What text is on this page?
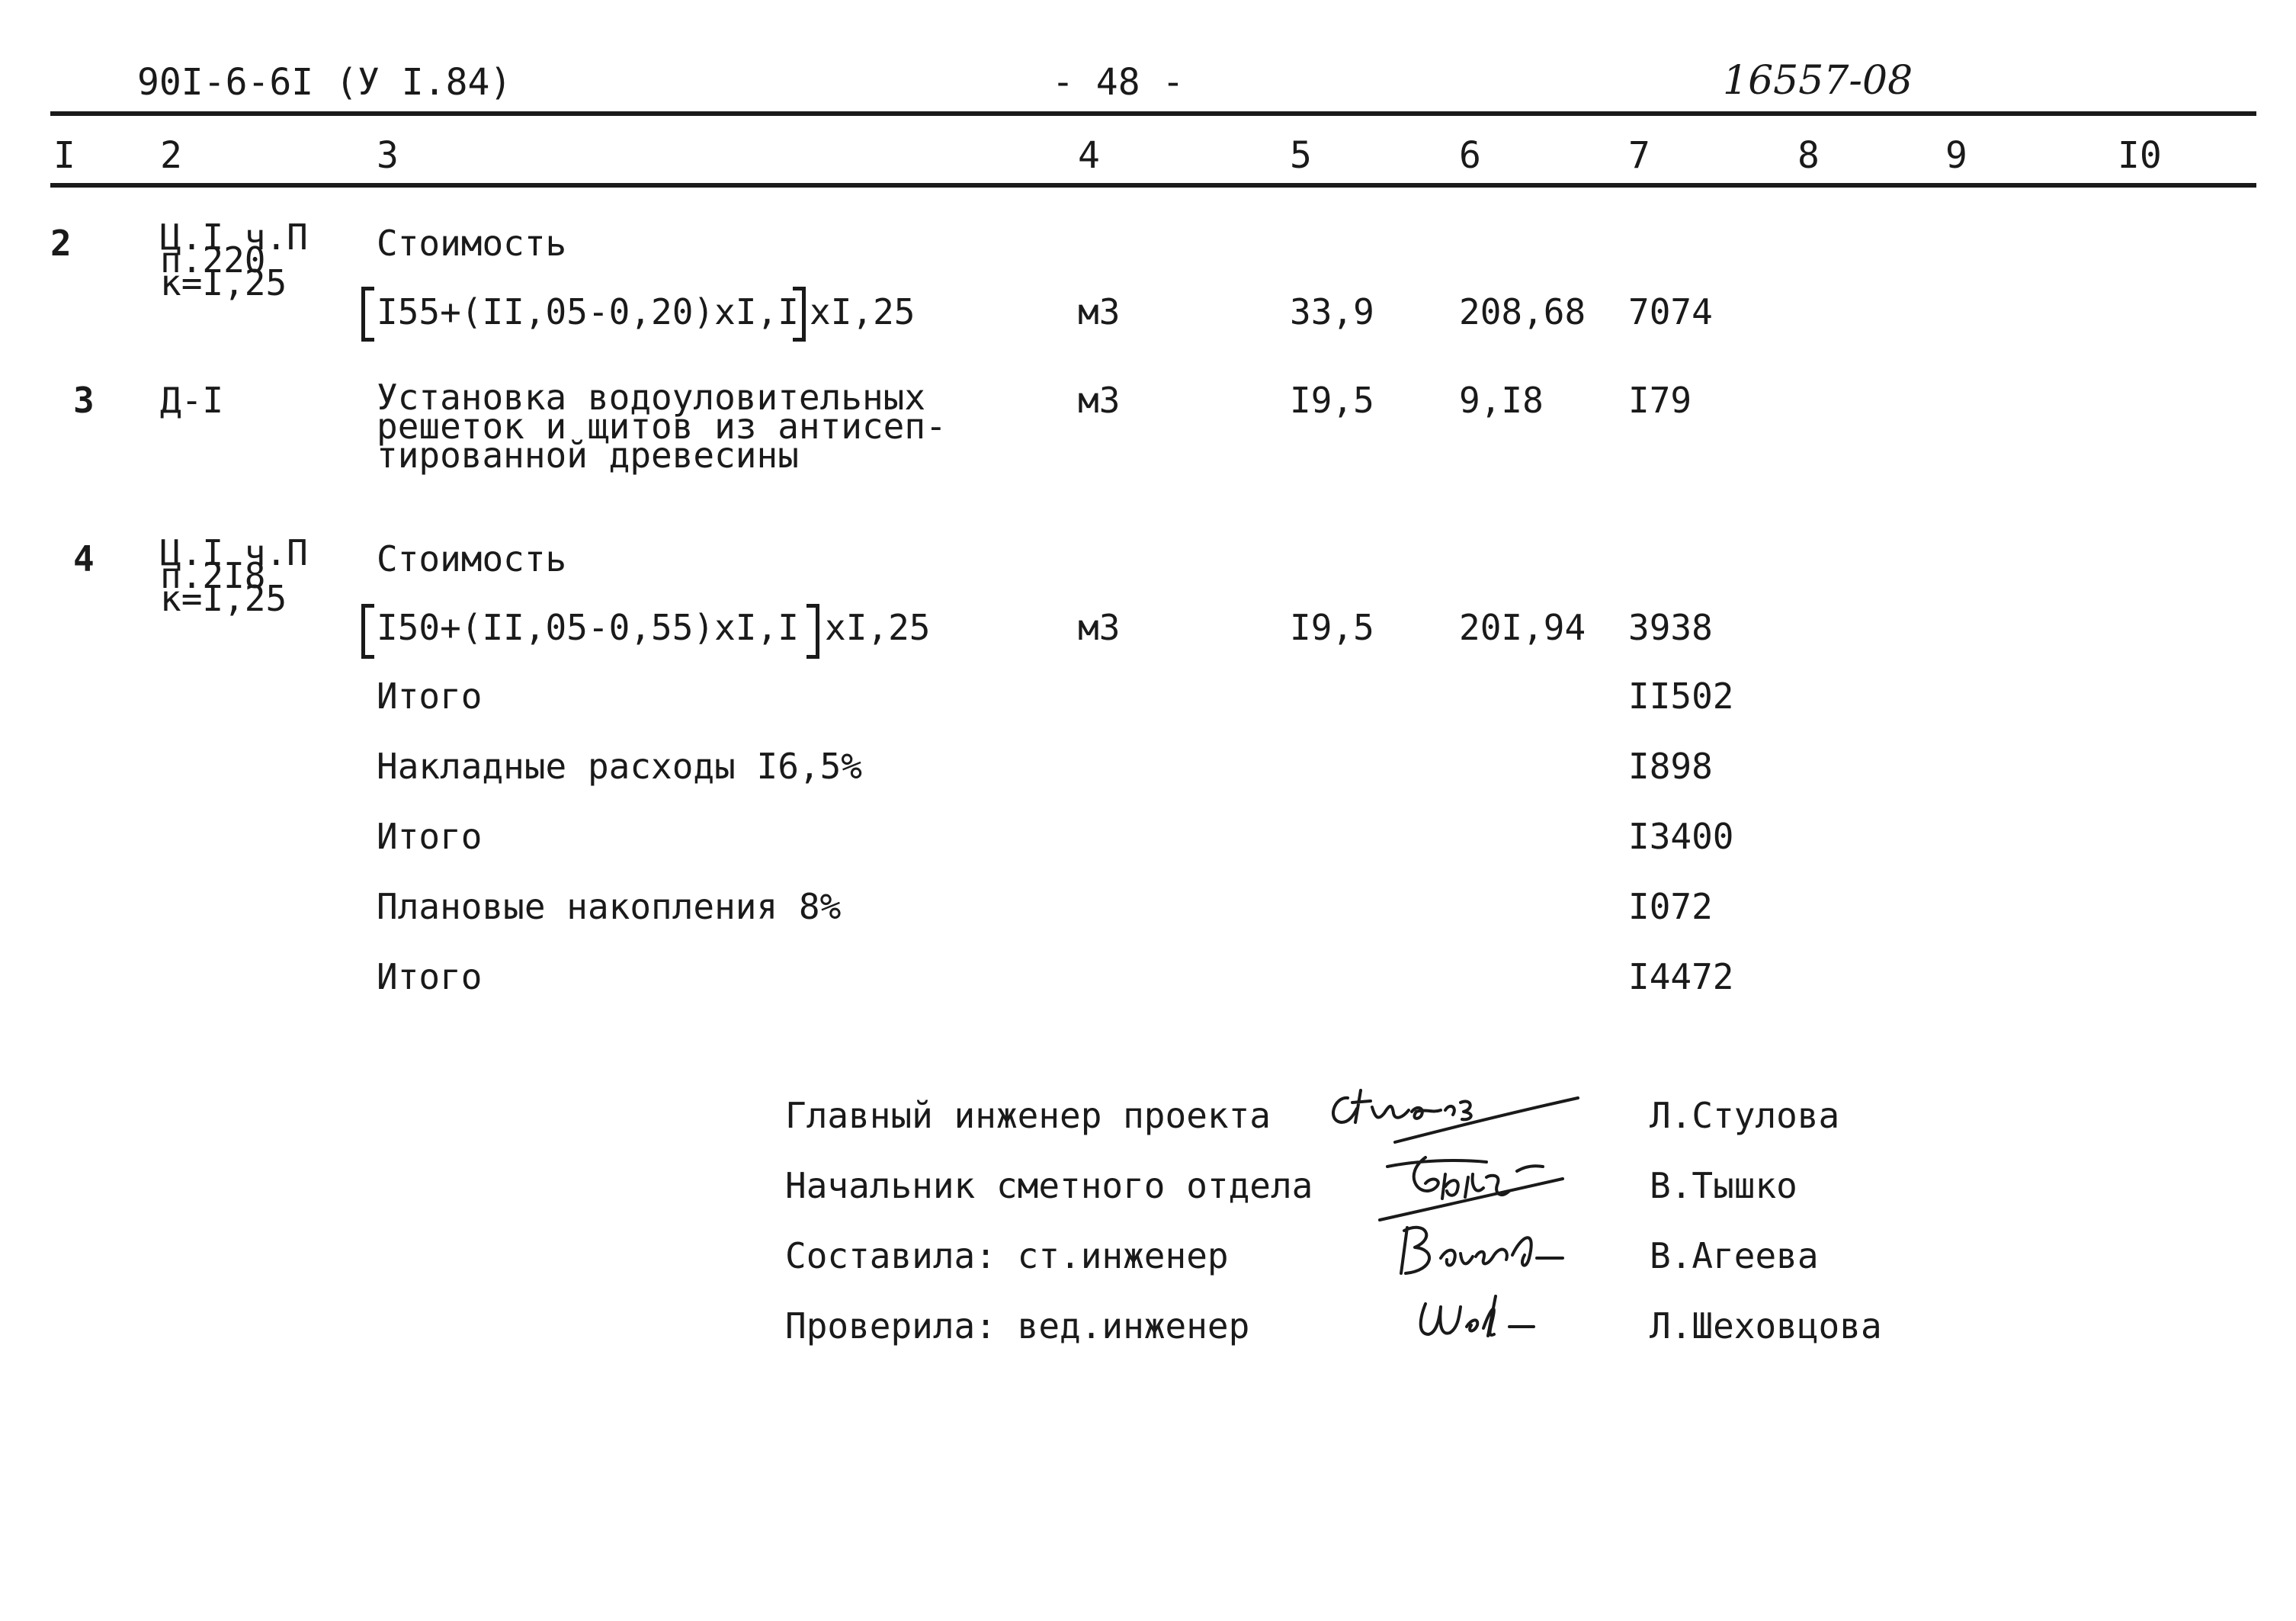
90I-6-6I (У I.84)	- 48 -	16557-08
I 2	3	4	5	6	7	8	9	I0
2	Ц.I ч.П
п.220
к=I,25
Стоимость
I55+(II,05-0,20)xI,I xI,25	м3	33,9 208,68 7074
3 Д-I	Установка водоуловительных
решеток и щитов из антисеп-
тированной древесины
м3	I9,5 9,I8 I79
4 Ц.I ч.П
п.2I8
к=I,25
Стоимость
I50+(II,05-0,55)xI,I xI,25	м3	I9,5 20I,94 3938
Итого	II502
Накладные расходы I6,5%	I898
Итого	I3400
Плановые накопления 8%	I072
Итого	I4472
Главный инженер проекта	Л.Стулова
Начальник сметного отдела	В.Тышко
Составила: ст.инженер	В.Агеева
Проверила: вед.инженер	Л.Шеховцова
